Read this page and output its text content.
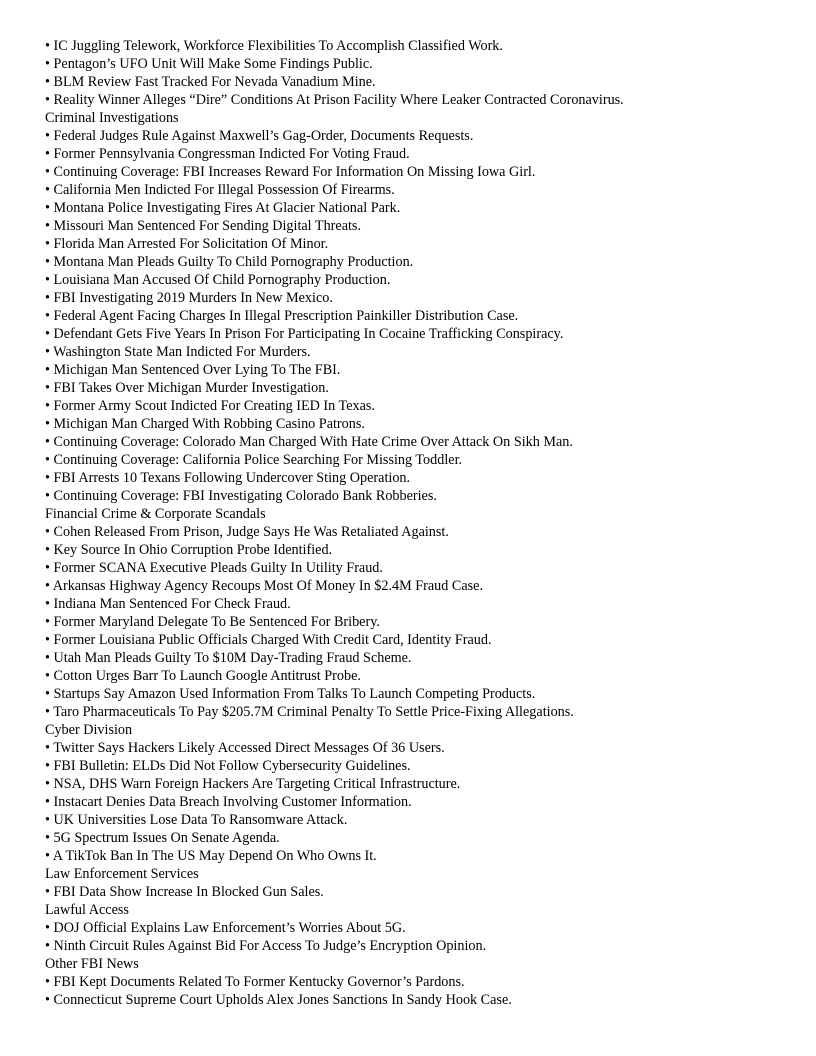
• IC Juggling Telework, Workforce Flexibilities To Accomplish Classified Work.
• Pentagon’s UFO Unit Will Make Some Findings Public.
• BLM Review Fast Tracked For Nevada Vanadium Mine.
• Reality Winner Alleges “Dire” Conditions At Prison Facility Where Leaker Contracted Coronavirus.
Criminal Investigations
• Federal Judges Rule Against Maxwell’s Gag-Order, Documents Requests.
• Former Pennsylvania Congressman Indicted For Voting Fraud.
• Continuing Coverage: FBI Increases Reward For Information On Missing Iowa Girl.
• California Men Indicted For Illegal Possession Of Firearms.
• Montana Police Investigating Fires At Glacier National Park.
• Missouri Man Sentenced For Sending Digital Threats.
• Florida Man Arrested For Solicitation Of Minor.
• Montana Man Pleads Guilty To Child Pornography Production.
• Louisiana Man Accused Of Child Pornography Production.
• FBI Investigating 2019 Murders In New Mexico.
• Federal Agent Facing Charges In Illegal Prescription Painkiller Distribution Case.
• Defendant Gets Five Years In Prison For Participating In Cocaine Trafficking Conspiracy.
• Washington State Man Indicted For Murders.
• Michigan Man Sentenced Over Lying To The FBI.
• FBI Takes Over Michigan Murder Investigation.
• Former Army Scout Indicted For Creating IED In Texas.
• Michigan Man Charged With Robbing Casino Patrons.
• Continuing Coverage: Colorado Man Charged With Hate Crime Over Attack On Sikh Man.
• Continuing Coverage: California Police Searching For Missing Toddler.
• FBI Arrests 10 Texans Following Undercover Sting Operation.
• Continuing Coverage: FBI Investigating Colorado Bank Robberies.
Financial Crime & Corporate Scandals
• Cohen Released From Prison, Judge Says He Was Retaliated Against.
• Key Source In Ohio Corruption Probe Identified.
• Former SCANA Executive Pleads Guilty In Utility Fraud.
• Arkansas Highway Agency Recoups Most Of Money In $2.4M Fraud Case.
• Indiana Man Sentenced For Check Fraud.
• Former Maryland Delegate To Be Sentenced For Bribery.
• Former Louisiana Public Officials Charged With Credit Card, Identity Fraud.
• Utah Man Pleads Guilty To $10M Day-Trading Fraud Scheme.
• Cotton Urges Barr To Launch Google Antitrust Probe.
• Startups Say Amazon Used Information From Talks To Launch Competing Products.
• Taro Pharmaceuticals To Pay $205.7M Criminal Penalty To Settle Price-Fixing Allegations.
Cyber Division
• Twitter Says Hackers Likely Accessed Direct Messages Of 36 Users.
• FBI Bulletin: ELDs Did Not Follow Cybersecurity Guidelines.
• NSA, DHS Warn Foreign Hackers Are Targeting Critical Infrastructure.
• Instacart Denies Data Breach Involving Customer Information.
• UK Universities Lose Data To Ransomware Attack.
• 5G Spectrum Issues On Senate Agenda.
• A TikTok Ban In The US May Depend On Who Owns It.
Law Enforcement Services
• FBI Data Show Increase In Blocked Gun Sales.
Lawful Access
• DOJ Official Explains Law Enforcement’s Worries About 5G.
• Ninth Circuit Rules Against Bid For Access To Judge’s Encryption Opinion.
Other FBI News
• FBI Kept Documents Related To Former Kentucky Governor’s Pardons.
• Connecticut Supreme Court Upholds Alex Jones Sanctions In Sandy Hook Case.
